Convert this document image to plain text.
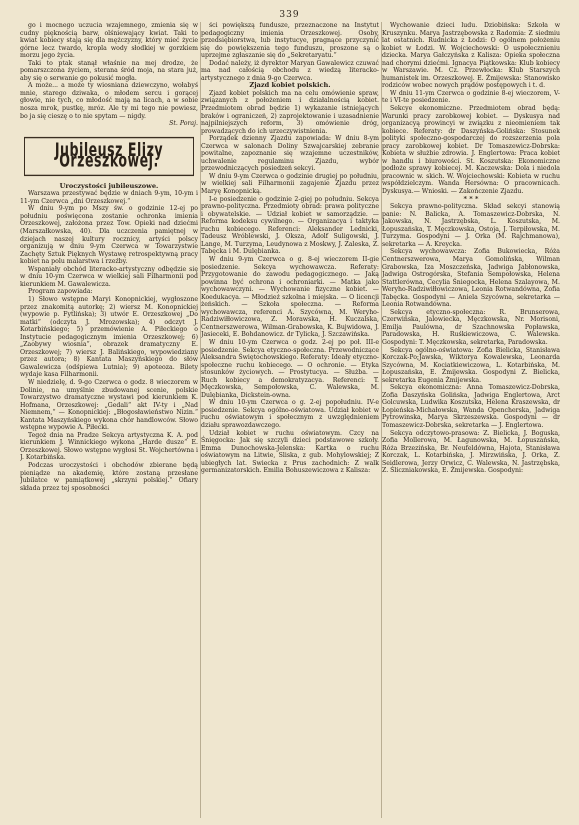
339

go i mocnego uczucia wzajemnego, zmienia się w cudny pięknością barw, olśniewający kwiat. Taki to kwiat kobiecy stają się dla mężczyzny, który mieć życie górne lecz twardo, kropla wody słodkiej w gorzkiem morzu jego życia.

Taki to ptak stanął właśnie na mej drodze, że pomarszczona życiem, sterana śród moja, na stara już, aby się o serwanie go pokusić mogła.

A może... a może ty wiosniana dziewczyno, wołabyś mnie, starego dziwaka, o młodem sercu i gorącej głowie, nie tych, co młodość mają na licach, a w sobie nosza mrok, pustkę, mróz. Ale ty mi tego nie powiesz, bo ja się cieszę o to nie spytam — nigdy.

St. Poraj.

Jubileusz Elizy Orzeszkowej.

Uroczystości jubileuszowe.

Warszawa przestywać będzie w dniach 9-ym, 10-ym i 11-ym Czerwca „dni Orzeszkowej.“

W dniu 9-ym po Mszy św. o godzinie 12-ej po południu poświęcona zostanie ochronka imienia Orzeszkowej, założona przez Tow. Opieki nad dziećmi (Marszałkowska, 40). Dla uczczenia pamiętnej w dziejach naszej kultury rocznicy, artyści polscy organizują w dniu 9-ym Czerwca w Towarzystwie Zachęty Sztuk Pięknych Wystawę retrospektywną pracy kobiet na polu malarstwa i rzeźby.

Wspaniały obchód literacko-artystyczny odbędzie się w dniu 10-ym Czerwca w wielkiej sali Filharmonii pod kierunkiem M. Gawalewicza.

Program zapowiada:

1) Słowo wstępne Maryi Konopnickiej, wygłoszone przez znakomitą autorkę; 2) wiersz M. Konopnickiej (wypowie p. Fytlińska); 3) utwór E. Orzeszkowej „Do matki“ (odczyta J. Mrozowska); 4) odczyt J. Kotarbińskiego; 5) przemówienie A. Piłeckiego o Instytucie pedagogicznym imienia Orzeszkowej; 6) „Zaobywy wiosnia“, obrazek dramatyczny E. Orzeszkowej; 7) wiersz J. Balińskiego, wypowiedziany przez autora; 8) Kantata Maszyńskiego do słów Gawalewicza (odśpiewa Lutnia); 9) apoteoza. Bilety wydaje kasa Filharmonii.

W niedzielę, d. 9-go Czerwca o godz. 8 wieczorem w Dolinie, na umyślnie zbudowanej scenie, polskie Towarzystwo dramatyczne wystawi pod kierunkiem K. Hofmana, Orzeszkowej: „Gedali“ akt IV-ty i „Nad Niemnem,“ — Konopnickiej: „Błogosławieństwo Nizin.“ Kantata Maszyńskiego wykona chór handlowców. Słowo wstępne wypowie A. Piłecki.

Tegoż dnia na Pradze Sekcya artystyczna K. A. pod kierunkiem J. Winnickiego wykona „Harde dusze“ E. Orzeszkowej. Słowo wstępne wygłosi St. Wojchertówna i J. Kotarbińska.

Podczas uroczystości i obchodów zbierane będą pieniądze na akademię, które zostaną przesłane Jubilatce w pamiątkowej „skrzyni polskiej.“ Ofiary składa przez tej sposobności

ści powiększą fundusze, przeznaczone na Instytut pedagogiczny imienia Orzeszkowej. Osoby, przedsiębiorstwa, lub instytucye, pragnące przyczynić się do powiększenia tego funduszu, proszone są o uprzejme zgłaszanie się do „Sekretaryatu.“

Dodać należy, iż dyrektor Maryan Gawalewicz czuwać ma nad całością obchodu z wiedzą literacko-artystycznego z dnia 9-go Czerwca.

Zjazd kobiet polskich.

Zjazd kobiet polskich ma na celu omówienie spraw, związanych z położeniem i działalnością kobiet. Przedmiotem obrad będzie 1) wykazanie istniejących braków i ograniczeń, 2) zaprojektowanie i uzasadnienie najpilniejszych reform, 3) omówienie dróg, prowadzących do ich urzeczywistnienia.

Porządek dzienny Zjazdu zapowiada: W dniu 8-ym Czerwca w salonach Doliny Szwajcarskiej zebranie powitalne, zapoznanie się wzajemne uczestników, uchwalenie regulaminu Zjazdu, wybór przewodniczących posiedzeń sekcyi.

W dniu 9-ym Czerwca o godzinie drugiej po południu, w wielkiej sali Filharmonii zagajenie Zjazdu przez Maryę Konopnicką.

I-e posiedzenie o godzinie 2-giej po południu. Sekcya prawno-polityczna. Przedmioty obrad: prawa polityczne i obywatelskie. — Udział kobiet w samorządzie. — Reforma kodeksu cywilnego. — Organizacya i taktyka ruchu kobiecego. Referenci: Aleksander Lednicki, Tadeusz Wróblewski, J. Oksza, Adolf Suligowski, J. Lange, M. Turzyma, Leudynowa z Moskwy, J. Zaleska, Z. Tabęcka i M. Dulębianka.

W dniu 9-ym Czerwca o g. 8-ej wieczorem II-gie posiedzenie. Sekcya wychowawcza. Referaty: Przygotowanie do zawodu pedagogicznego. — Jaką powinna być ochrona i ochroniarki. — Matka jako wychowawczyni. — Wychowanie fizyczne kobiet. — Koedukacya. — Młodzież szkolna i miejska. — O licencji żeńskich. — Szkoła społeczna. — Reforma wychowawcza, referenci A. Szycówna, M. Weryho-Radziwiłłowiczowa, Z. Morawska, H. Kuczalska, Centnerszwerowa, Wilman-Grabowska, K. Bujwidowa, J. Jasieceki, E. Bohdanowicz. dr Tylicka, J. Szczawińska.

W dniu 10-ym Czerwca o godz. 2-ej po poł. III-e posiedzenie. Sekcya etyczno-społeczna. Przewodniczące Aleksandra Świętochowskiego. Referaty: Ideały etyczno-społeczne ruchu kobiecego. — O ochronie. — Etyka stosunków życiowych. — Prostytucya. — Służba. — Ruch kobiecy a demokratyzacya. Referenci: T. Męczkowska, Sempołowska, C. Walewska, M. Dulębianka, Dickstein-owna.

W dniu 10-ym Czerwca o g. 2-ej popołudniu. IV-e posiedzenie. Sekcya ogólno-oświatowa. Udział kobiet w ruchu oświatowym i społecznym z uwzględnieniem działu sprawozdawczego.

Udział kobiet w ruchu oświatowym. Czcy na Śnięgocka: Jak się szczyli dzieci podstawowe szkoły. Emma Dunochowska-Jelenska: Kartka o ruchu oświatowym na Litwie, Sliska, z gub. Mohylowskiej; Z ubiegłych lat. Swiecka z Prus zachodnich: Z walk germanizatorskich. Emilia Bohuszewiczowa z Kalisza:

Wychowanie dzieci ludu. Dziobińska: Szkoła w Kruszynku. Marya Jastrzębowska z Radomia: Z siedmiu lat ostatnich. Rudnicka z Łodzi: O ogólnem położeniu kobiet w Łodzi. W. Wojciechowski: O uspołecznieniu dziecka. Marya Gałczyńska z Kalisza: Opieka społeczna nad chorymi dziećmi. Ignacya Piątkowska: Klub kobiecy w Warszawie. M. Cz. Przewłocka: Klub Starszych humanistek im. Orzeszkowej. E. Żmijewska: Stanowisko rodziców wobec nowych prądów postępowych i t. d.

W dniu 11-ym Czerwca o godzinie 8-ej wieczorem, V-te i VI-te posiedzenie.

Sekcye ekonomiczne. Przedmiotem obrad będą: Warunki pracy zarobkowej kobiet. — Dyskusya nad organizacyą prowincyi w związku z nieomieniem tak kobiece. Referaty: dr Daszyńska-Golińska: Stosunek polityki społeczno-gospodarczej do rozszerzenia pola pracy zarobkowej kobiet. Dr Tomaszewicz-Dobrska: Kobieta w służbie zdrowia. J. Englertowa: Praca kobiet w handlu i biurowości. St. Koszutska: Ekonomiczne podłoże sprawy kobiecej. M. Kaczewska: Dola i niedola pracownic w. skich. W. Wojciechowski: Kobieta w ruchu współdzielczym. Wanda Hersówna: O pracownicach. Dyskusya.— Wnioski. — Zakończenie Zjazdu.

* * *

Sekcya prawno-polityczna. Skład sekcyi stanowią panie: N. Balicka, A. Tomaszewicz-Dobrska, N. Jakowska, N. Jastrzębska, L. Koszutska, M. Łopuszańska, T. Męczkowska, Ostoja, J. Terpiłowska, M. Turzyma. Gospodyni — J. Orka (M. Rajchmanowa), sekretarka — A. Kreycka.

Sekcya wychowawcza: Zofia Bukowiecka, Róża Centnerszwerowa, Marya Gomolińska, Wilman Grabowska, Iza Moszczeńska, Jadwiga Jabłonowska, Jadwiga Ostrogórska, Stefania Sempołowska, Helena Stattlerówna, Cecylia Śniegocka, Helena Szalayowa, M. Weryho-Radziwiłłowiczowa, Leonia Rotwandówna, Zofia Tabęcka. Gospodyni — Aniela Szycówna, sekretarka — Leonia Rotwandówna.

Sekcya etyczno-społeczna: R. Brunserowa, Czerwińska, Jalowiecka, Męczkowska, Nr. Morisoni, Emilja Paulówna, dr Szachnowska Popławska, Paradowska, H. Ruśkiewiczowa, C. Walewska. Gospodyni: T. Męczkowska, sekretarka, Paradowska.

Sekcya ogólno-oświatowa: Zofia Bielicka, Stanisława Korczak-Po;Jawska, Wiktorya Kowalewska, Leonarda Szycówna, M. Kociatkiewiczowa, L. Kotarbińska, M. Łopuszańska, E. Żmijewska. Gospodyni Z. Bielicka, sekretarka Eugenia Żmijewska.

Sekcya ekonomiczna: Anna Tomaszewicz-Dobrska, Zofia Daszyńska Golińska, Jadwiga Englertowa, Arct Golcuwska, Ludwika Koszutska, Helena Kraszewska, dr Łopieńska-Michałowska, Wanda Opencherska, Jadwiga Pytrowinska, Marya Skrzeszewska. Gospodyni — dr Tomaszewicz-Dobrska, sekretarka — J. Englertowa.

Sekcya odczytowo-prasowa: Z. Bielicka, J. Boguska, Zofia Mollerowa, M. Łagunowska, M. Łopuszańska, Róża Brzezińska, Br. Neufeldówna, Hajota, Stanisława Korczak, L. Kotarbińska, J. Mirzwińska, J. Orka, Z. Seidlerowa, Jerzy Orwicz, C. Walewska, N. Jastrzębska, Z. Śliczniakowska, E. Żmijewska. Gospodyni:
